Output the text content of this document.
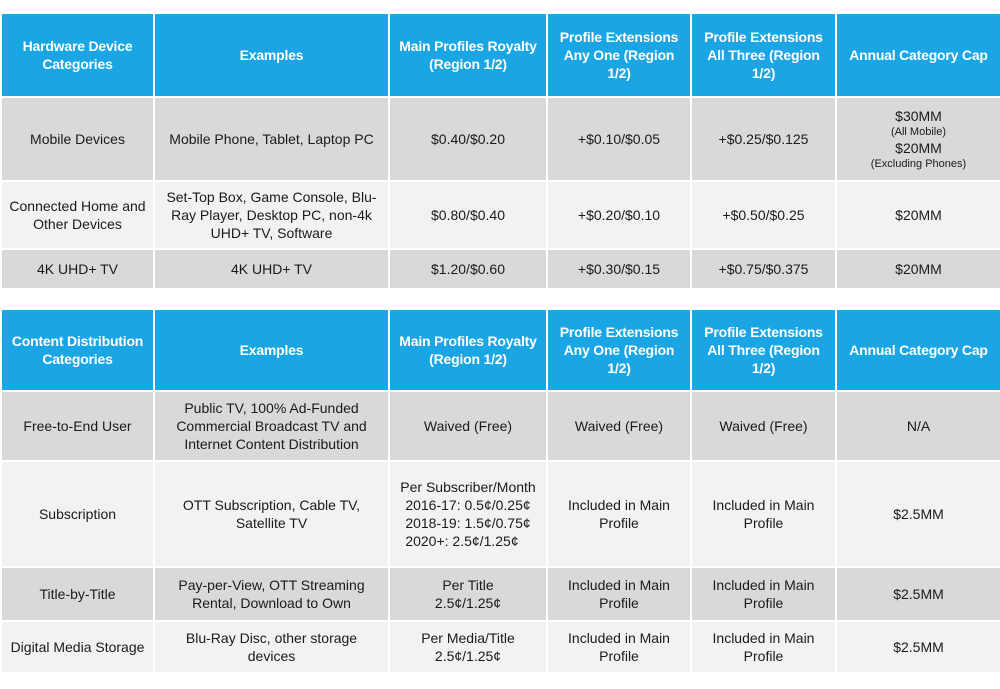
Hardware Device Categories	Examples	Main Profiles Royalty (Region 1/2)	Profile Extensions Any One (Region 1/2)	Profile Extensions All Three (Region 1/2)	Annual Category Cap
Mobile Devices	Mobile Phone, Tablet, Laptop PC	$0.40/$0.20	+$0.10/$0.05	+$0.25/$0.125	$30MM
(All Mobile)
$20MM
(Excluding Phones)

Connected Home and Other Devices	Set-Top Box, Game Console, Blu-Ray Player, Desktop PC, non-4k UHD+ TV, Software	$0.80/$0.40	+$0.20/$0.10	+$0.50/$0.25	$20MM
4K UHD+ TV	4K UHD+ TV	$1.20/$0.60	+$0.30/$0.15	+$0.75/$0.375	$20MM
Content Distribution Categories	Examples	Main Profiles Royalty (Region 1/2)	Profile Extensions Any One (Region 1/2)	Profile Extensions All Three (Region 1/2)	Annual Category Cap
Free-to-End User	Public TV, 100% Ad-Funded Commercial Broadcast TV and Internet Content Distribution	Waived (Free)	Waived (Free)	Waived (Free)	N/A
Subscription	OTT Subscription, Cable TV, Satellite TV	Per Subscriber/Month
2016-17: 0.5¢/0.25¢
2018-19: 1.5¢/0.75¢
2020+: 2.5¢/1.25¢	Included in Main Profile	Included in Main Profile	$2.5MM
Title-by-Title	Pay-per-View, OTT Streaming Rental, Download to Own	Per Title
2.5¢/1.25¢	Included in Main Profile	Included in Main Profile	$2.5MM
Digital Media Storage	Blu-Ray Disc, other storage devices	Per Media/Title
2.5¢/1.25¢	Included in Main Profile	Included in Main Profile	$2.5MM
